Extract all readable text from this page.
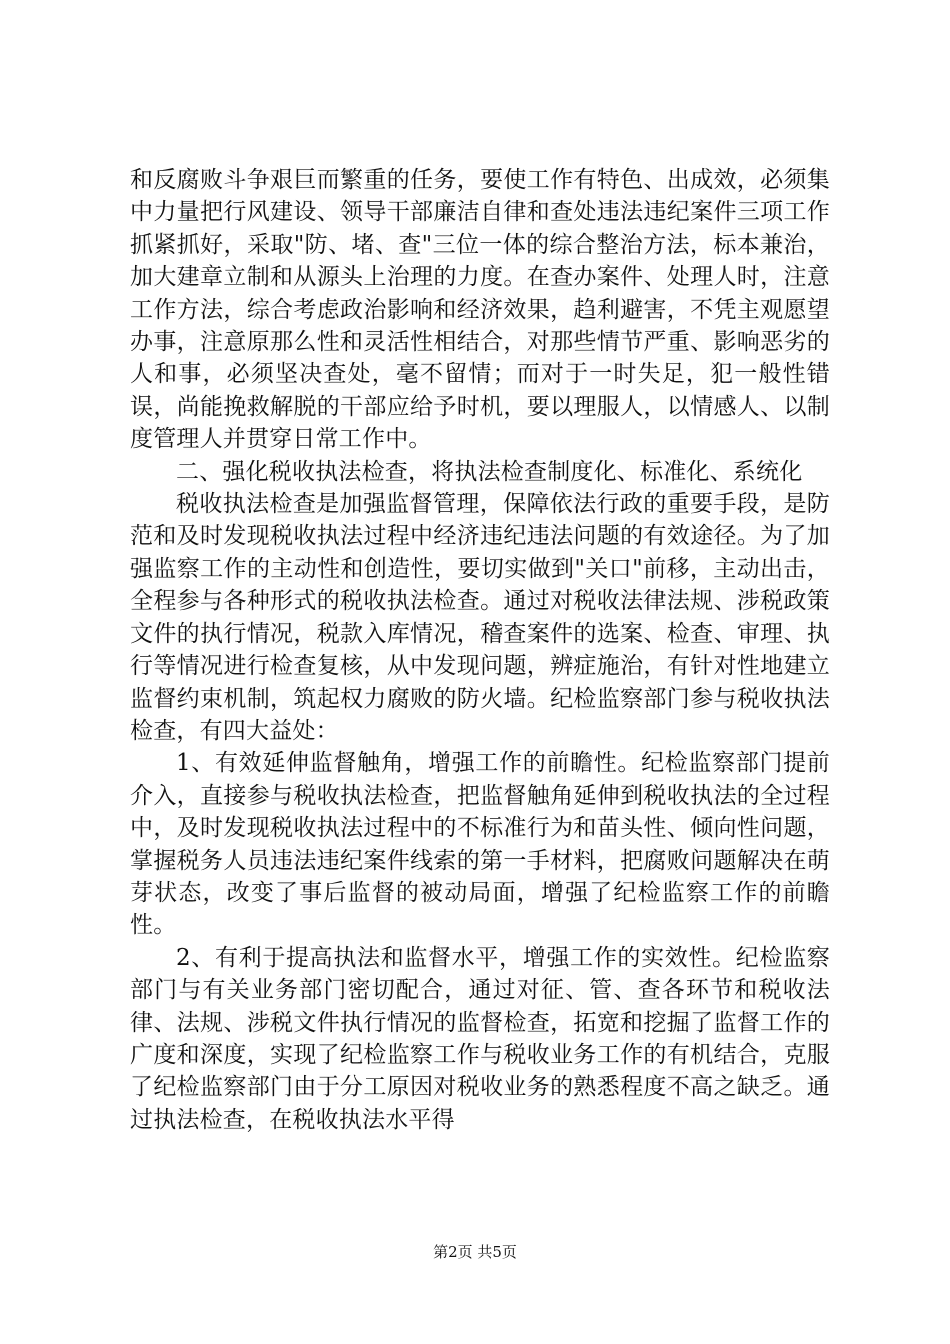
和反腐败斗争艰巨而繁重的任务，要使工作有特色、出成效，必须集中力量把行风建设、领导干部廉洁自律和查处违法违纪案件三项工作抓紧抓好，采取"防、堵、查"三位一体的综合整治方法，标本兼治，加大建章立制和从源头上治理的力度。在查办案件、处理人时，注意工作方法，综合考虑政治影响和经济效果，趋利避害，不凭主观愿望办事，注意原那么性和灵活性相结合，对那些情节严重、影响恶劣的人和事，必须坚决查处，毫不留情；而对于一时失足，犯一般性错误，尚能挽救解脱的干部应给予时机，要以理服人，以情感人、以制度管理人并贯穿日常工作中。

二、强化税收执法检查，将执法检查制度化、标准化、系统化

税收执法检查是加强监督管理，保障依法行政的重要手段，是防范和及时发现税收执法过程中经济违纪违法问题的有效途径。为了加强监察工作的主动性和创造性，要切实做到"关口"前移，主动出击，全程参与各种形式的税收执法检查。通过对税收法律法规、涉税政策文件的执行情况，税款入库情况，稽查案件的选案、检查、审理、执行等情况进行检查复核，从中发现问题，辨症施治，有针对性地建立监督约束机制，筑起权力腐败的防火墙。纪检监察部门参与税收执法检查，有四大益处：

1、有效延伸监督触角，增强工作的前瞻性。纪检监察部门提前介入，直接参与税收执法检查，把监督触角延伸到税收执法的全过程中，及时发现税收执法过程中的不标准行为和苗头性、倾向性问题，掌握税务人员违法违纪案件线索的第一手材料，把腐败问题解决在萌芽状态，改变了事后监督的被动局面，增强了纪检监察工作的前瞻性。

2、有利于提高执法和监督水平，增强工作的实效性。纪检监察部门与有关业务部门密切配合，通过对征、管、查各环节和税收法律、法规、涉税文件执行情况的监督检查，拓宽和挖掘了监督工作的广度和深度，实现了纪检监察工作与税收业务工作的有机结合，克服了纪检监察部门由于分工原因对税收业务的熟悉程度不高之缺乏。通过执法检查，在税收执法水平得

第2页 共5页
